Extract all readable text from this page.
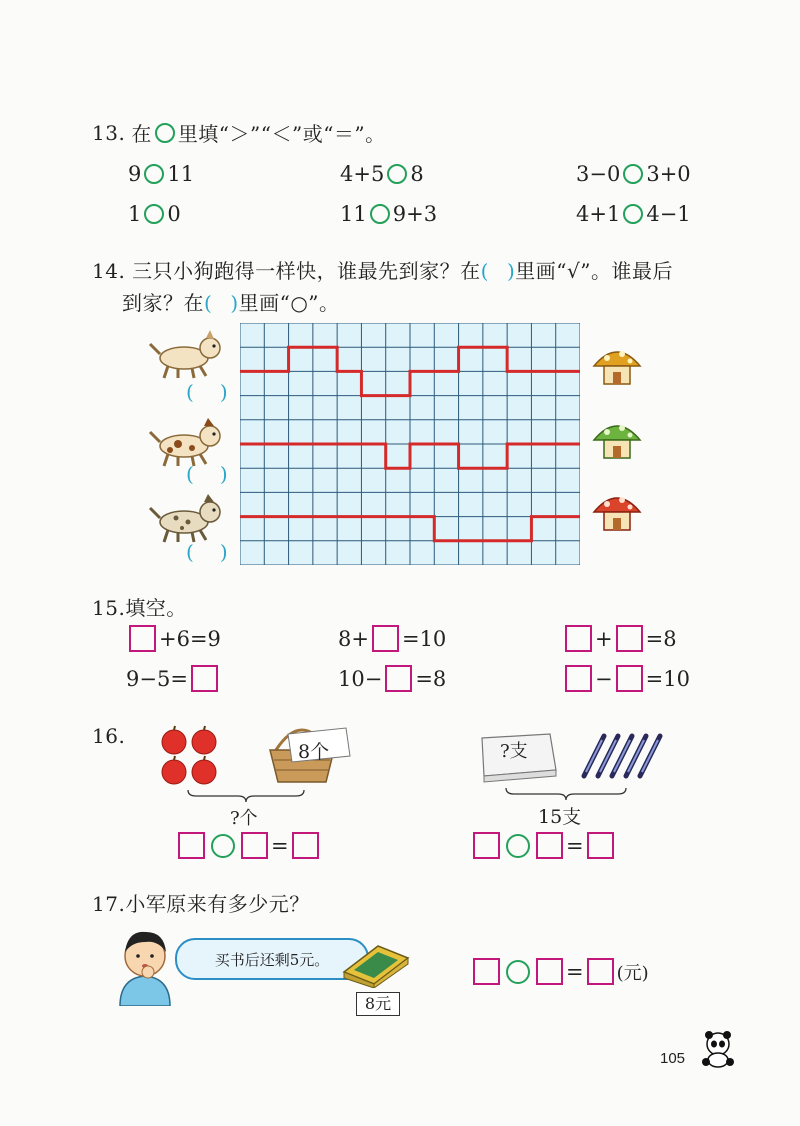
13. 在 里填“＞”“＜”或“＝”。
9 11	4+5 8	3−0 3+0
1 0	11 9+3	4+1 4−1
14. 三只小狗跑得一样快，谁最先到家？在( )里画“√”。谁最后
到家？在( )里画“○”。
( )
( )
( )
15.填空。
+6=9	8+ =10	+ =8
9−5=	10− =8	− =10
16.
8个
?个
=
?支
15支
=
17.小军原来有多少元？
买书后还剩5元。
8元
= (元)
105
